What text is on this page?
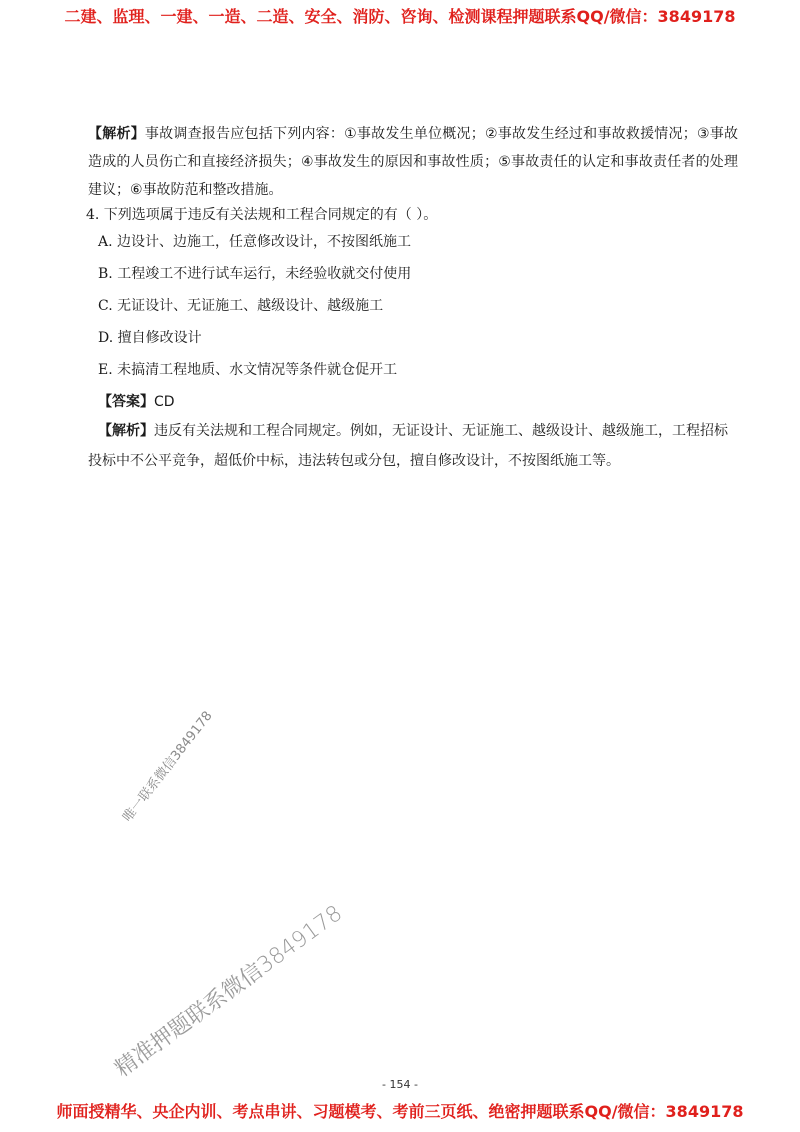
二建、监理、一建、一造、二造、安全、消防、咨询、检测课程押题联系QQ/微信：3849178

【解析】事故调查报告应包括下列内容：①事故发生单位概况；②事故发生经过和事故救援情况；③事故造成的人员伤亡和直接经济损失；④事故发生的原因和事故性质；⑤事故责任的认定和事故责任者的处理建议；⑥事故防范和整改措施。

4. 下列选项属于违反有关法规和工程合同规定的有（ ）。

A. 边设计、边施工，任意修改设计，不按图纸施工
B. 工程竣工不进行试车运行，未经验收就交付使用
C. 无证设计、无证施工、越级设计、越级施工
D. 擅自修改设计
E. 未搞清工程地质、水文情况等条件就仓促开工
【答案】CD

【解析】违反有关法规和工程合同规定。例如，无证设计、无证施工、越级设计、越级施工，工程招标投标中不公平竞争，超低价中标，违法转包或分包，擅自修改设计，不按图纸施工等。

唯一联系微信3849178
精准押题联系微信3849178
- 154 -
师面授精华、央企内训、考点串讲、习题模考、考前三页纸、绝密押题联系QQ/微信：3849178
